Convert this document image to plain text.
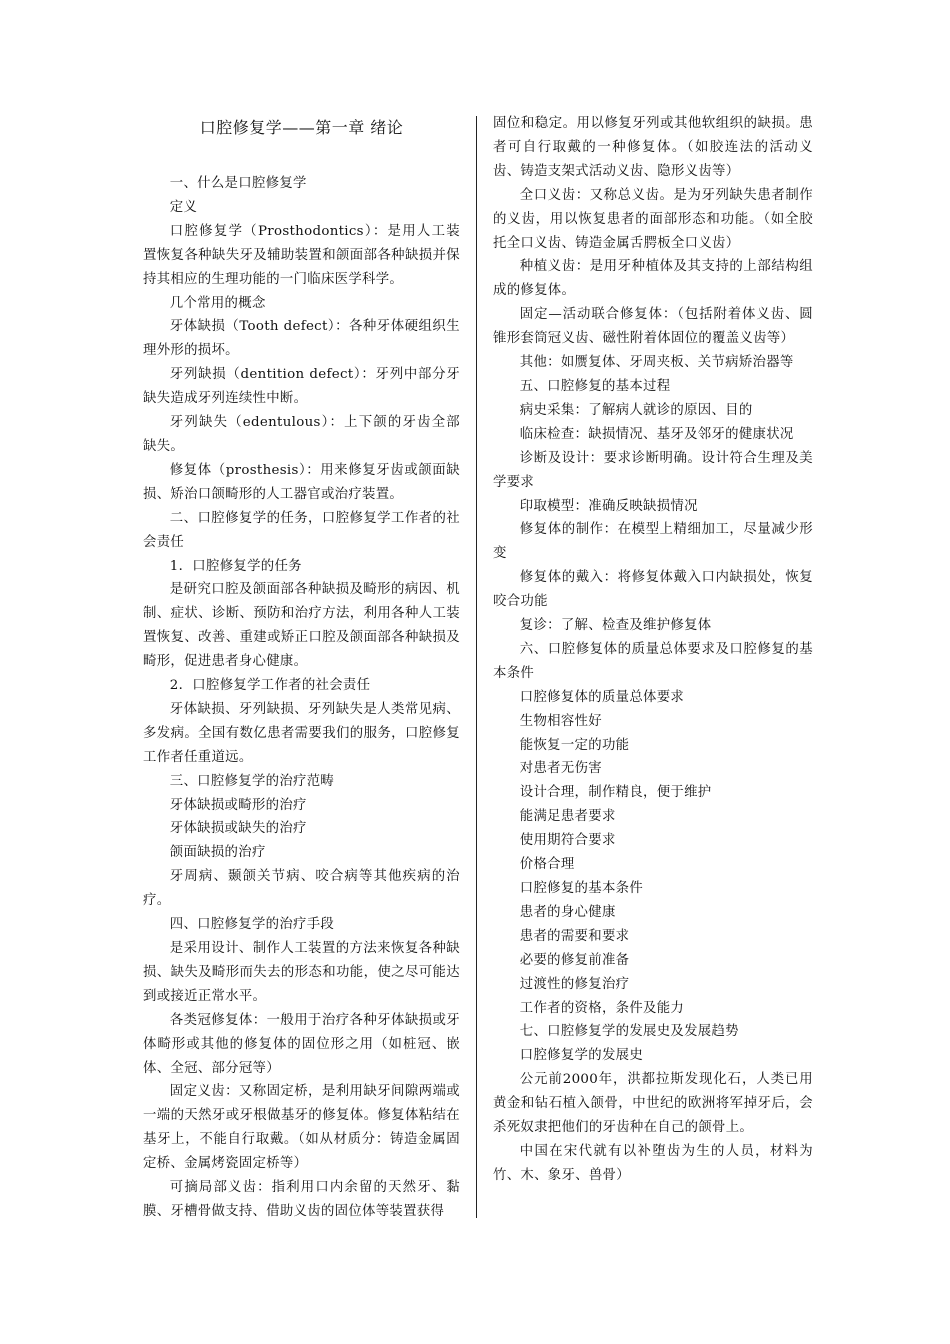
口腔修复学——第一章 绪论

一、什么是口腔修复学

定义

口腔修复学（Prosthodontics）：是用人工装置恢复各种缺失牙及辅助装置和颌面部各种缺损并保持其相应的生理功能的一门临床医学科学。

几个常用的概念

牙体缺损（Tooth defect）：各种牙体硬组织生理外形的损坏。

牙列缺损（dentition defect）：牙列中部分牙缺失造成牙列连续性中断。

牙列缺失（edentulous）：上下颌的牙齿全部缺失。

修复体（prosthesis）：用来修复牙齿或颌面缺损、矫治口颌畸形的人工器官或治疗装置。

二、口腔修复学的任务，口腔修复学工作者的社会责任

1．口腔修复学的任务

是研究口腔及颌面部各种缺损及畸形的病因、机制、症状、诊断、预防和治疗方法，利用各种人工装置恢复、改善、重建或矫正口腔及颌面部各种缺损及畸形，促进患者身心健康。

2．口腔修复学工作者的社会责任

牙体缺损、牙列缺损、牙列缺失是人类常见病、多发病。全国有数亿患者需要我们的服务，口腔修复工作者任重道远。

三、口腔修复学的治疗范畴

牙体缺损或畸形的治疗

牙体缺损或缺失的治疗

颌面缺损的治疗

牙周病、颞颌关节病、咬合病等其他疾病的治疗。

四、口腔修复学的治疗手段

是采用设计、制作人工装置的方法来恢复各种缺损、缺失及畸形而失去的形态和功能，使之尽可能达到或接近正常水平。

各类冠修复体：一般用于治疗各种牙体缺损或牙体畸形或其他的修复体的固位形之用（如桩冠、嵌体、全冠、部分冠等）

固定义齿：又称固定桥，是利用缺牙间隙两端或一端的天然牙或牙根做基牙的修复体。修复体粘结在基牙上，不能自行取戴。（如从材质分：铸造金属固定桥、金属烤瓷固定桥等）

可摘局部义齿：指利用口内余留的天然牙、黏膜、牙槽骨做支持、借助义齿的固位体等装置获得

固位和稳定。用以修复牙列或其他软组织的缺损。患者可自行取戴的一种修复体。（如胶连法的活动义齿、铸造支架式活动义齿、隐形义齿等）

全口义齿：又称总义齿。是为牙列缺失患者制作的义齿，用以恢复患者的面部形态和功能。（如全胶托全口义齿、铸造金属舌腭板全口义齿）

种植义齿：是用牙种植体及其支持的上部结构组成的修复体。

固定—活动联合修复体：（包括附着体义齿、圆锥形套筒冠义齿、磁性附着体固位的覆盖义齿等）

其他：如赝复体、牙周夹板、关节病矫治器等

五、口腔修复的基本过程

病史采集：了解病人就诊的原因、目的

临床检查：缺损情况、基牙及邻牙的健康状况

诊断及设计：要求诊断明确。设计符合生理及美学要求

印取模型：准确反映缺损情况

修复体的制作：在模型上精细加工，尽量减少形变

修复体的戴入：将修复体戴入口内缺损处，恢复咬合功能

复诊：了解、检查及维护修复体

六、口腔修复体的质量总体要求及口腔修复的基本条件

口腔修复体的质量总体要求

生物相容性好

能恢复一定的功能

对患者无伤害

设计合理，制作精良，便于维护

能满足患者要求

使用期符合要求

价格合理

口腔修复的基本条件

患者的身心健康

患者的需要和要求

必要的修复前准备

过渡性的修复治疗

工作者的资格，条件及能力

七、口腔修复学的发展史及发展趋势

口腔修复学的发展史

公元前2000年，洪都拉斯发现化石，人类已用黄金和钻石植入颌骨，中世纪的欧洲将军掉牙后，会杀死奴隶把他们的牙齿种在自己的颌骨上。

中国在宋代就有以补堕齿为生的人员，材料为竹、木、象牙、兽骨）
